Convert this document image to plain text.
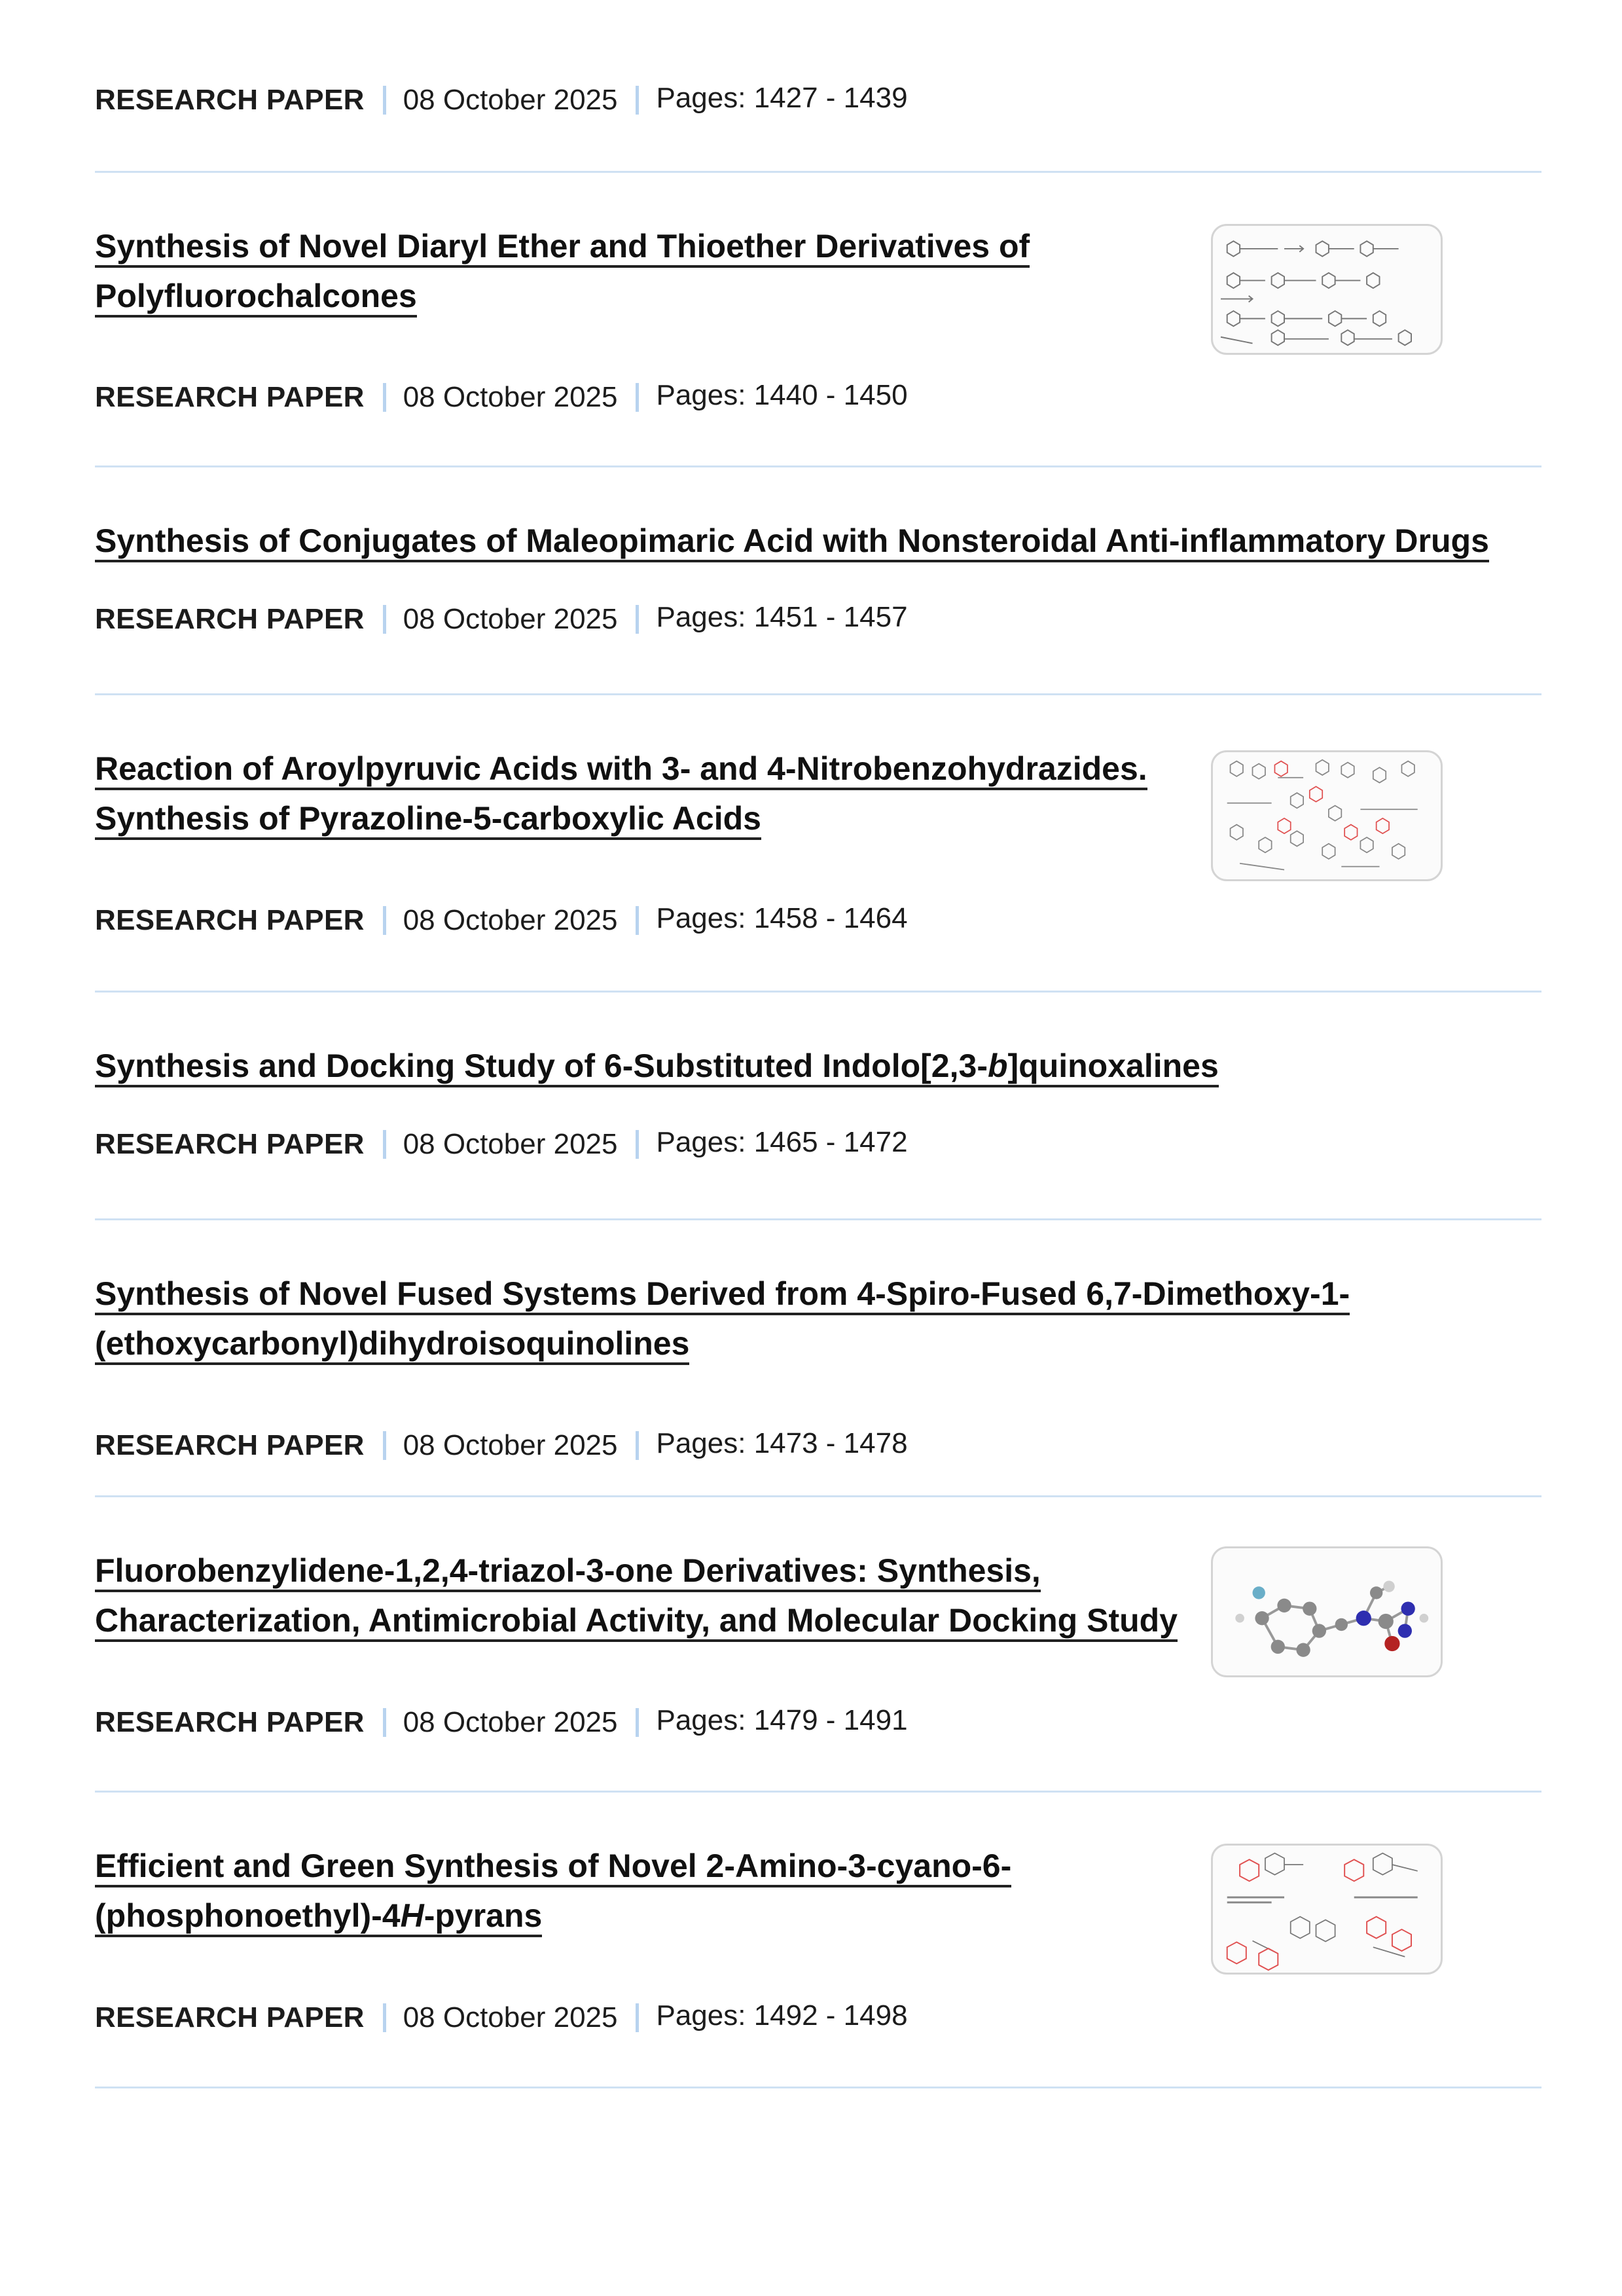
RESEARCH PAPER 08 October 2025 Pages: 1427 - 1439
Synthesis of Novel Diaryl Ether and Thioether Derivatives of
Polyfluorochalcones
RESEARCH PAPER 08 October 2025 Pages: 1440 - 1450
Synthesis of Conjugates of Maleopimaric Acid with Nonsteroidal Anti-inflammatory Drugs
RESEARCH PAPER 08 October 2025 Pages: 1451 - 1457
Reaction of Aroylpyruvic Acids with 3- and 4-Nitrobenzohydrazides.
Synthesis of Pyrazoline-5-carboxylic Acids
RESEARCH PAPER 08 October 2025 Pages: 1458 - 1464
Synthesis and Docking Study of 6-Substituted Indolo[2,3-b]quinoxalines
RESEARCH PAPER 08 October 2025 Pages: 1465 - 1472
Synthesis of Novel Fused Systems Derived from 4-Spiro-Fused 6,7-Dimethoxy-1-
(ethoxycarbonyl)dihydroisoquinolines
RESEARCH PAPER 08 October 2025 Pages: 1473 - 1478
Fluorobenzylidene-1,2,4-triazol-3-one Derivatives: Synthesis,
Characterization, Antimicrobial Activity, and Molecular Docking Study
RESEARCH PAPER 08 October 2025 Pages: 1479 - 1491
Efficient and Green Synthesis of Novel 2-Amino-3-cyano-6-
(phosphonoethyl)-4H-pyrans
RESEARCH PAPER 08 October 2025 Pages: 1492 - 1498
